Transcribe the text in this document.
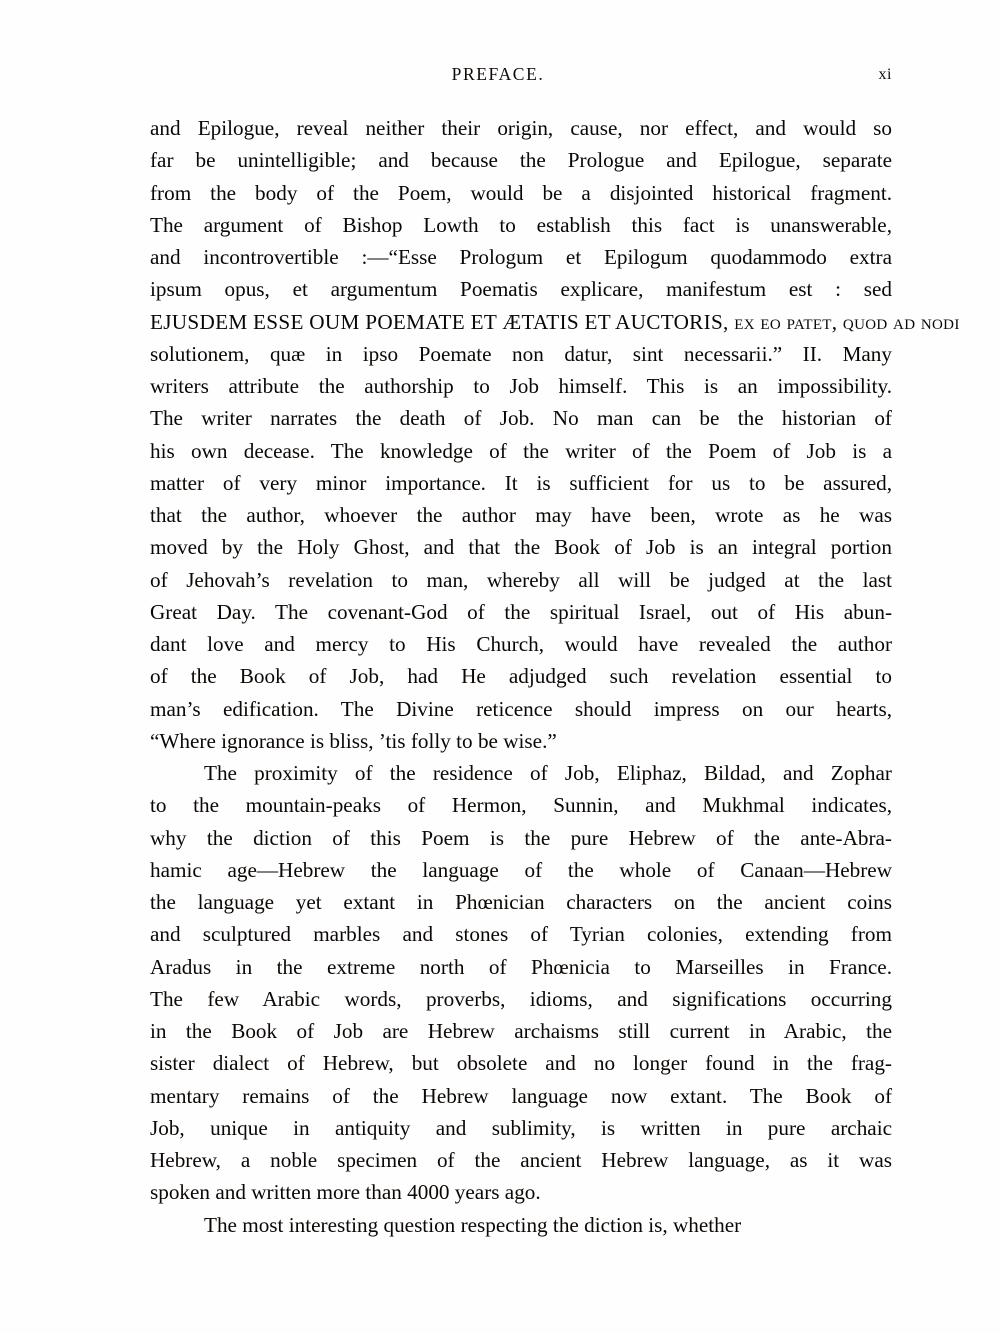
PREFACE.	xi

and Epilogue, reveal neither their origin, cause, nor effect, and would so
far be unintelligible; and because the Prologue and Epilogue, separate
from the body of the Poem, would be a disjointed historical fragment.
The argument of Bishop Lowth to establish this fact is unanswerable,
and incontrovertible :—“Esse Prologum et Epilogum quodammodo extra
ipsum opus, et argumentum Poematis explicare, manifestum est : sed
EJUSDEM ESSE OUM POEMATE ET ÆTATIS ET AUCTORIS, ex eo patet, quod ad nodi
solutionem, quæ in ipso Poemate non datur, sint necessarii.” II. Many
writers attribute the authorship to Job himself. This is an impossibility.
The writer narrates the death of Job. No man can be the historian of
his own decease. The knowledge of the writer of the Poem of Job is a
matter of very minor importance. It is sufficient for us to be assured,
that the author, whoever the author may have been, wrote as he was
moved by the Holy Ghost, and that the Book of Job is an integral portion
of Jehovah’s revelation to man, whereby all will be judged at the last
Great Day. The covenant-God of the spiritual Israel, out of His abun-
dant love and mercy to His Church, would have revealed the author
of the Book of Job, had He adjudged such revelation essential to
man’s edification. The Divine reticence should impress on our hearts,
“Where ignorance is bliss, ’tis folly to be wise.”

The proximity of the residence of Job, Eliphaz, Bildad, and Zophar
to the mountain-peaks of Hermon, Sunnin, and Mukhmal indicates,
why the diction of this Poem is the pure Hebrew of the ante-Abra-
hamic age—Hebrew the language of the whole of Canaan—Hebrew
the language yet extant in Phœnician characters on the ancient coins
and sculptured marbles and stones of Tyrian colonies, extending from
Aradus in the extreme north of Phœnicia to Marseilles in France.
The few Arabic words, proverbs, idioms, and significations occurring
in the Book of Job are Hebrew archaisms still current in Arabic, the
sister dialect of Hebrew, but obsolete and no longer found in the frag-
mentary remains of the Hebrew language now extant. The Book of
Job, unique in antiquity and sublimity, is written in pure archaic
Hebrew, a noble specimen of the ancient Hebrew language, as it was
spoken and written more than 4000 years ago.

The most interesting question respecting the diction is, whether
